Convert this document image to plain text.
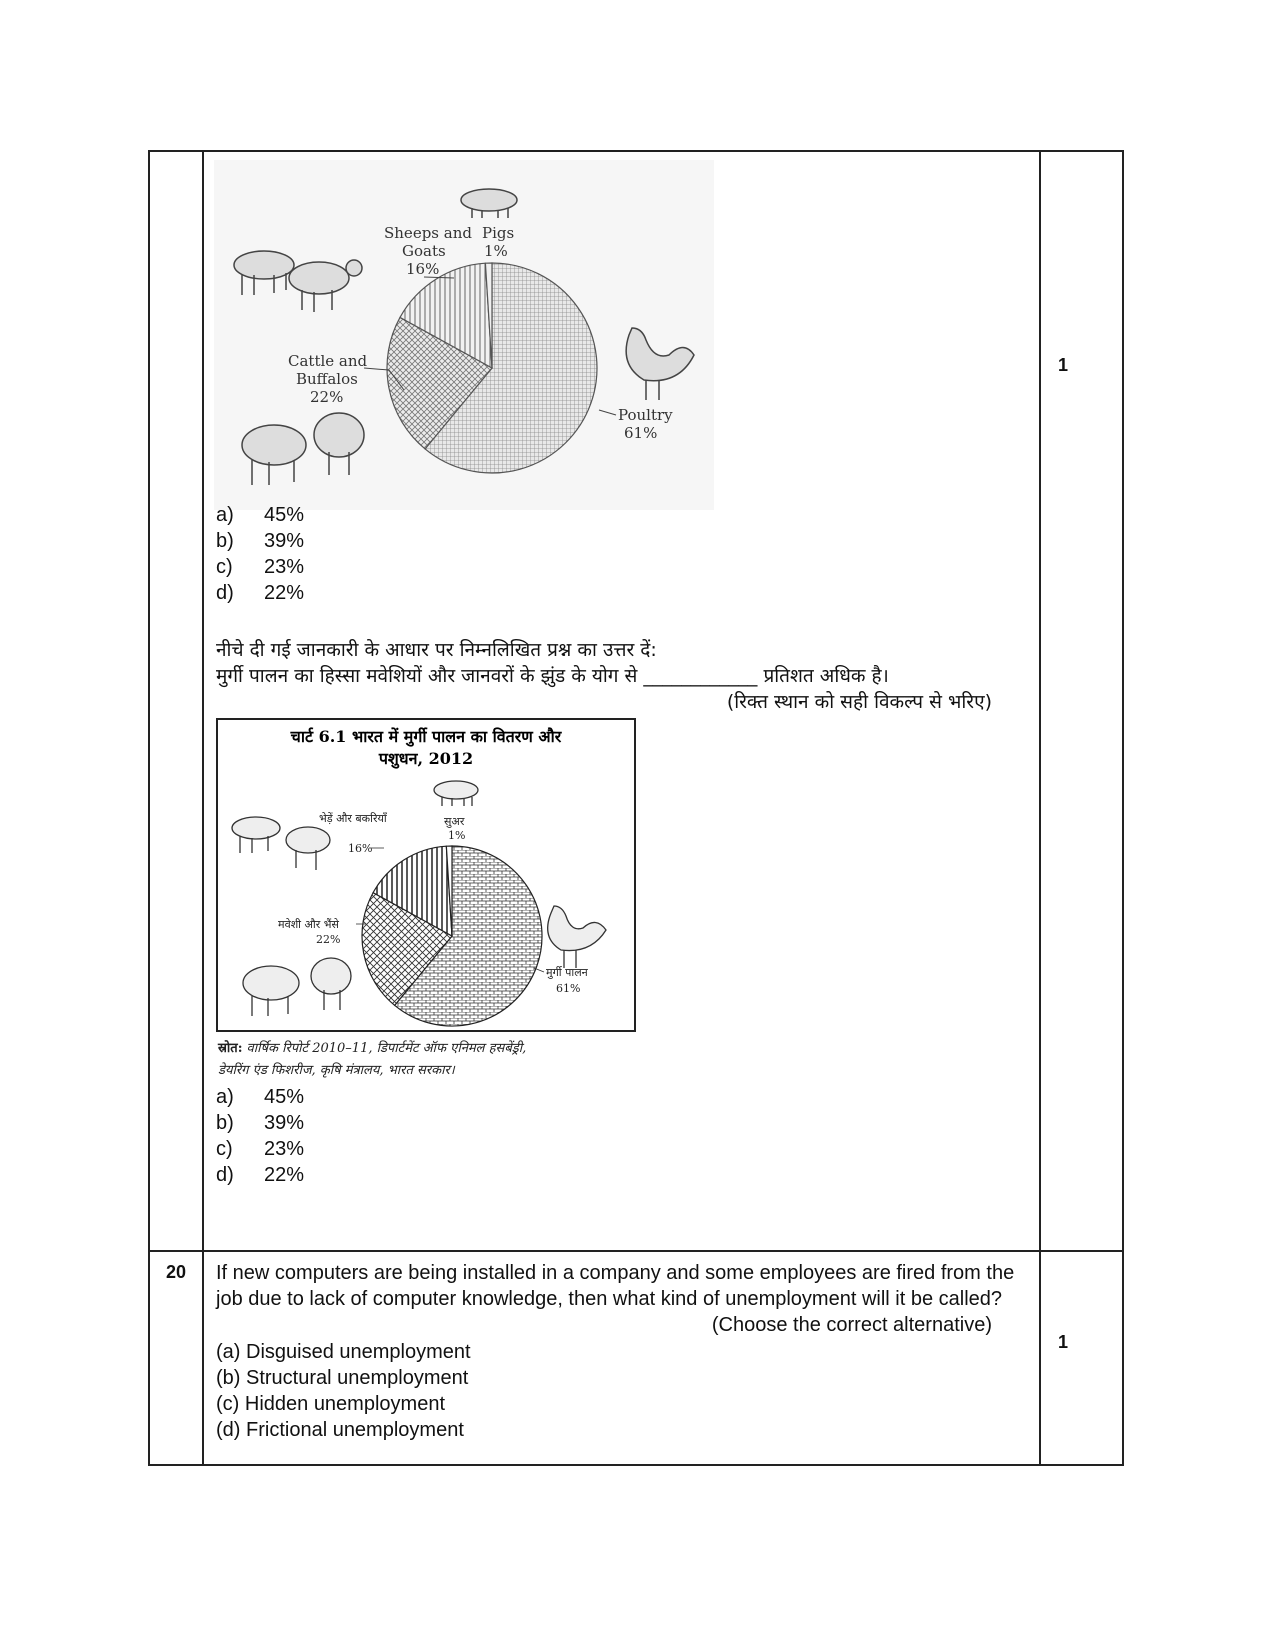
1
Sheeps and
Goats
16%
Pigs
1%
Cattle and
Buffalos
22%
Poultry
61%
a) 45%
b) 39%
c) 23%
d) 22%
नीचे दी गई जानकारी के आधार पर निम्नलिखित प्रश्न का उत्तर दें:
मुर्गी पालन का हिस्सा मवेशियों और जानवरों के झुंड के योग से ____________ प्रतिशत अधिक है।
(रिक्त स्थान को सही विकल्प से भरिए)
चार्ट 6.1 भारत में मुर्गी पालन का वितरण और
पशुधन, 2012
भेड़ें और बकरियाँ
16%
सुअर
1%
मवेशी और भैंसे
22%
मुर्गी पालन
61%
स्रोत: वार्षिक रिपोर्ट 2010–11, डिपार्टमेंट ऑफ एनिमल हसबेंड्री,
डेयरिंग एंड फिशरीज, कृषि मंत्रालय, भारत सरकार।
a) 45%
b) 39%
c) 23%
d) 22%
20 If new computers are being installed in a company and some employees are fired from the
job due to lack of computer knowledge, then what kind of unemployment will it be called?
(Choose the correct alternative)
(a) Disguised unemployment
(b) Structural unemployment
(c) Hidden unemployment
(d) Frictional unemployment
1
